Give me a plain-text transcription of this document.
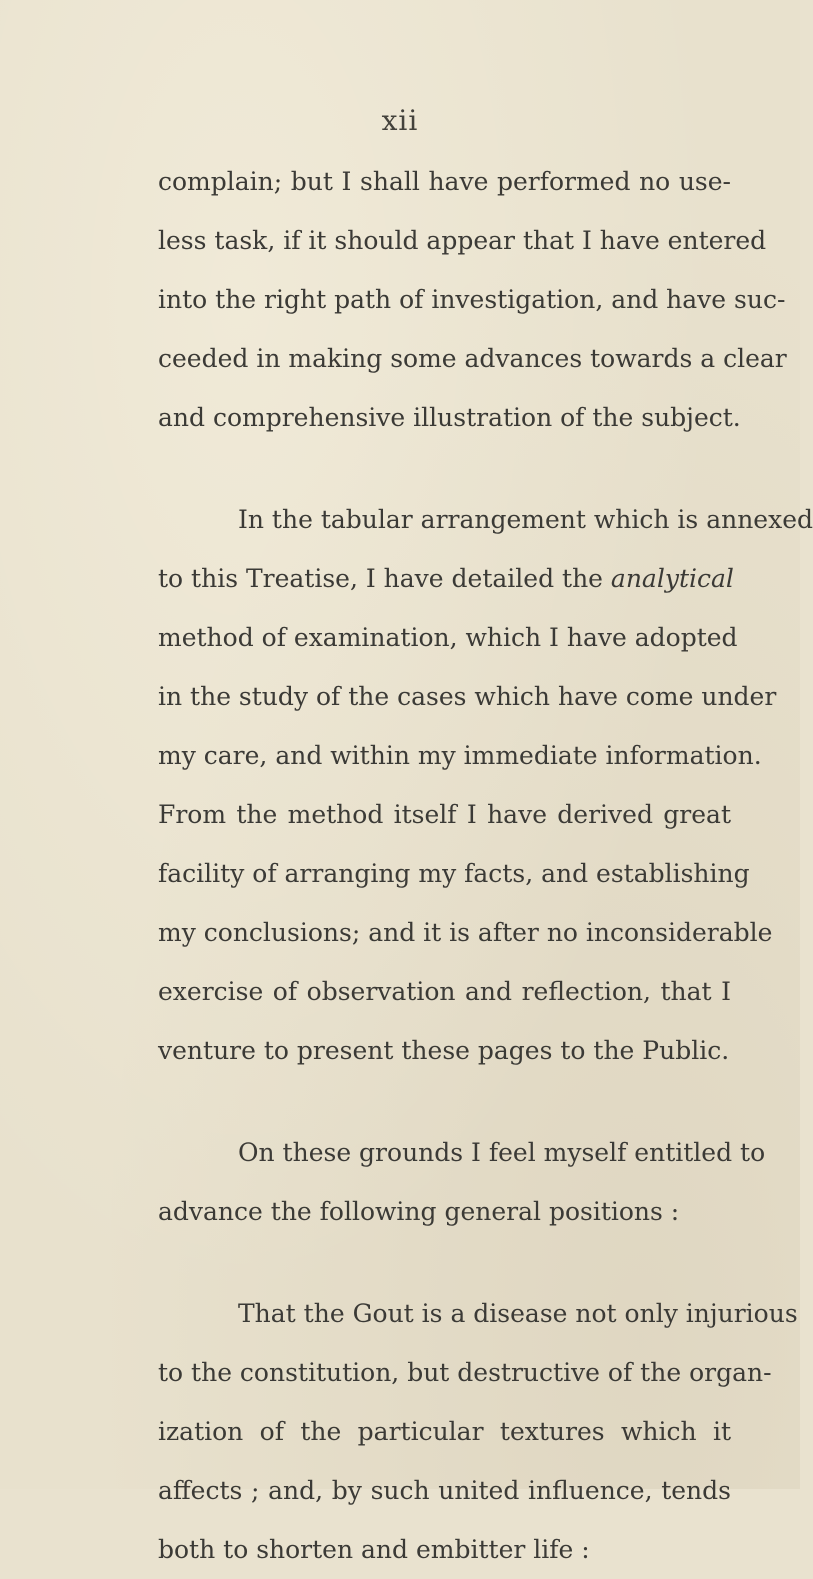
xii
complain; but I shall have performed no use-
less task, if it should appear that I have entered
into the right path of investigation, and have suc-
ceeded in making some advances towards a clear
and comprehensive illustration of the subject.
In the tabular arrangement which is annexed
to this Treatise, I have detailed the analytical
method of examination, which I have adopted
in the study of the cases which have come under
my care, and within my immediate information.
From the method itself I have derived great
facility of arranging my facts, and establishing
my conclusions; and it is after no inconsiderable
exercise of observation and reflection, that I
venture to present these pages to the Public.
On these grounds I feel myself entitled to
advance the following general positions :
That the Gout is a disease not only injurious
to the constitution, but destructive of the organ-
ization of the particular textures which it
affects ; and, by such united influence, tends
both to shorten and embitter life :
